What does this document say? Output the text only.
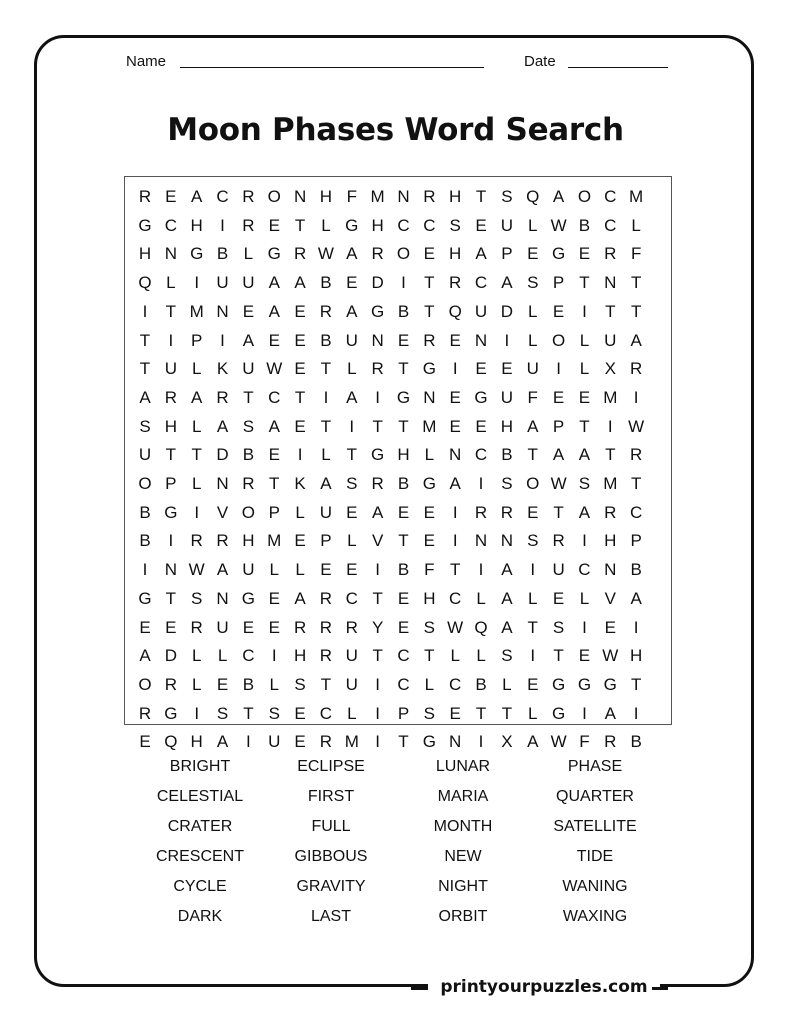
Name	Date
Moon Phases Word Search
R E A C R O N H F M N R H T S Q A O C M
G C H	I	R E T L G H C C S E U L W B C L
H N G B L G R W A R O E H A P E G E R F
Q L	I	U U A A B E D	I	T R C A S P T N T
I	T M N E A E R A G B T Q U D L E	I	T T
T	I	P	I	A E E B U N E R E N	I	L O L U A
T U L K U W E T L R T G I	E E U	I	L X R
A R A R T C T	I	A	I G N E G U F E E M I
S H L A S A E T	I	T T M E E H A P T	I W
U T T D B E	I	L T G H L N C B T A A T R
O P L N R T K A S R B G A	I	S O W S M T
B G I	V O P L U E A E E	I	R R E T A R C
B	I	R R H M E P L V T E	I	N N S R	I	H P
I	N W A U L L E E	I	B F T	I	A	I	U C N B
G T S N G E A R C T E H C L A L E L V A
E E R U E E R R R Y E S W Q A T S	I	E	I
A D L L C	I	H R U T C T L L S	I	T E W H
O R L E B L S T U	I	C L C B L E G G G T
R G I	S T S E C L	I	P S E T T L G I	A	I
E Q H A	I	U E R M I	T G N	I	X A W F R B
BRIGHT	ECLIPSE	LUNAR	PHASE
CELESTIAL	FIRST	MARIA	QUARTER
CRATER	FULL	MONTH	SATELLITE
CRESCENT	GIBBOUS	NEW	TIDE
CYCLE	GRAVITY	NIGHT	WANING
DARK	LAST	ORBIT	WAXING
printyourpuzzles.com
